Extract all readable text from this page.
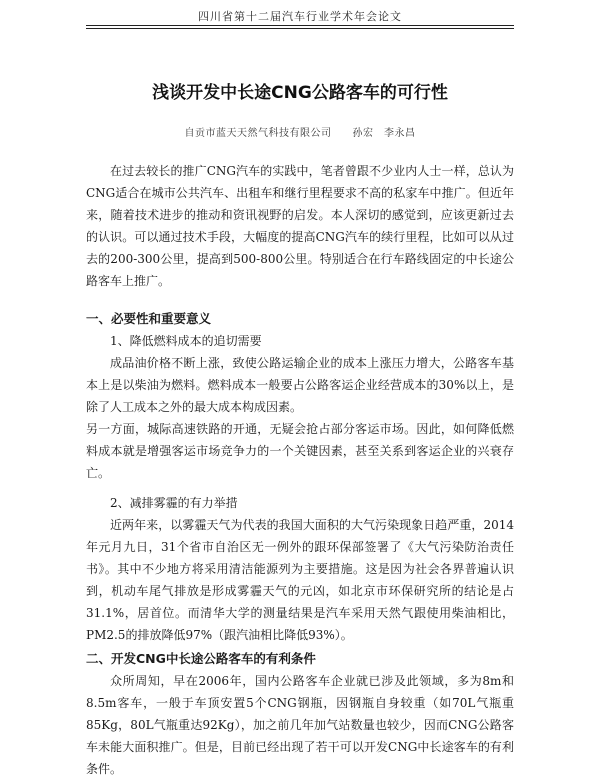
四川省第十二届汽车行业学术年会论文
浅谈开发中长途CNG公路客车的可行性
自贡市蓝天天然气科技有限公司　　孙宏　李永昌

在过去较长的推广CNG汽车的实践中，笔者曾跟不少业内人士一样，总认为CNG适合在城市公共汽车、出租车和继行里程要求不高的私家车中推广。但近年来，随着技术进步的推动和资讯视野的启发。本人深切的感觉到，应该更新过去的认识。可以通过技术手段，大幅度的提高CNG汽车的续行里程，比如可以从过去的200-300公里，提高到500-800公里。特别适合在行车路线固定的中长途公路客车上推广。

一、必要性和重要意义

1、降低燃料成本的追切需要

成品油价格不断上涨，致使公路运输企业的成本上涨压力增大，公路客车基本上是以柴油为燃料。燃料成本一般要占公路客运企业经营成本的30%以上，是除了人工成本之外的最大成本构成因素。

另一方面，城际高速铁路的开通，无疑会抢占部分客运市场。因此，如何降低燃料成本就是增强客运市场竞争力的一个关键因素，甚至关系到客运企业的兴衰存亡。

2、减排雾霾的有力举措

近两年来，以雾霾天气为代表的我国大面积的大气污染现象日趋严重，2014年元月九日，31个省市自治区无一例外的跟环保部签署了《大气污染防治责任书》。其中不少地方将采用清洁能源列为主要措施。这是因为社会各界普遍认识到，机动车尾气排放是形成雾霾天气的元凶，如北京市环保研究所的结论是占31.1%，居首位。而清华大学的测量结果是汽车采用天然气跟使用柴油相比，PM2.5的排放降低97%（跟汽油相比降低93%）。

二、开发CNG中长途公路客车的有利条件

众所周知，早在2006年，国内公路客车企业就已涉及此领域，多为8m和8.5m客车，一般于车顶安置5个CNG钢瓶，因钢瓶自身较重（如70L气瓶重85Kg，80L气瓶重达92Kg），加之前几年加气站数量也较少，因而CNG公路客车未能大面积推广。但是，目前已经出现了若干可以开发CNG中长途客车的有利条件。
